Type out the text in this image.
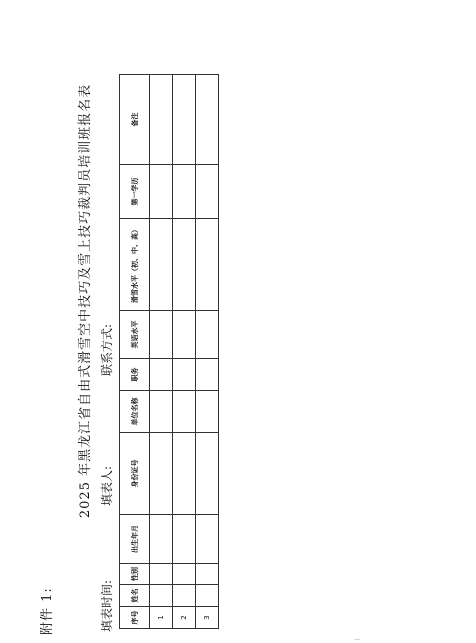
附件 1:
2025 年黑龙江省自由式滑雪空中技巧及雪上技巧裁判员培训班报名表
填表时间:
填表人:
联系方式:
序号	姓名	性别	出生年月	身份证号	单位名称	职务	英语水平	滑雪水平（初、中、高）	第一学历	备注
1										
2										
3										
—
